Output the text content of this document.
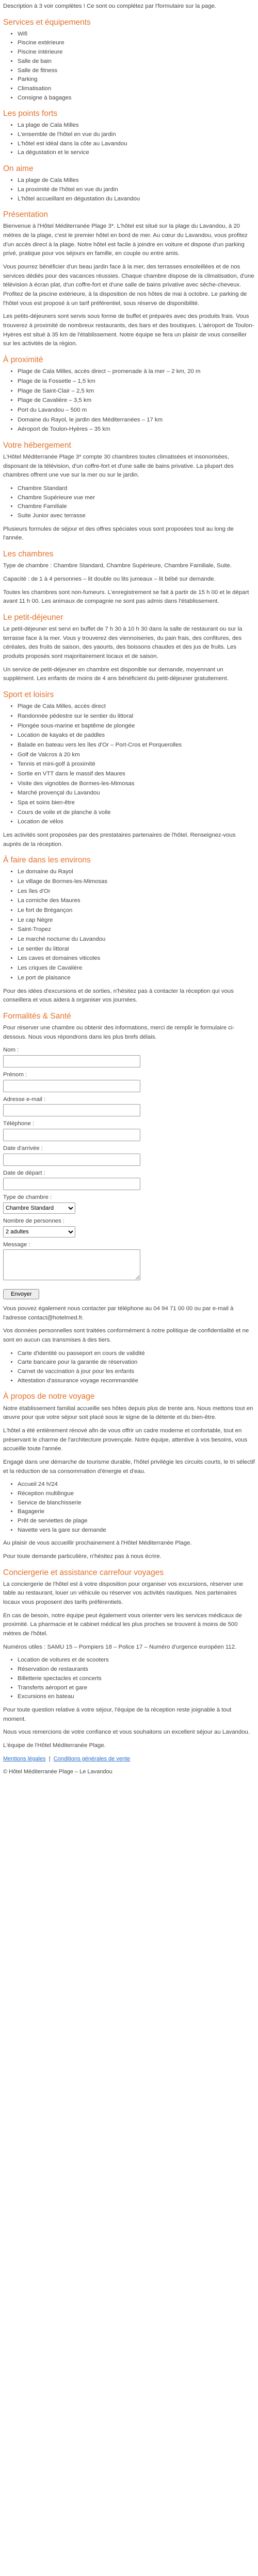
Description à 3 voir complètes ! Ce sont ou complétez par l'formulaire sur la page.

Services et équipements
• Wifi
• Piscine extérieure
• Piscine intérieure
• Salle de bain
• Salle de fitness
• Parking
• Climatisation
• Consigne à bagages
Les points forts
• La plage de Cala Milles
• L'ensemble de l'hôtel en vue du jardin
• L'hôtel est idéal dans la côte au Lavandou
• La dégustation et le service
On aime
• La plage de Cala Milles
• La proximité de l'hôtel en vue du jardin
• L'hôtel accueillant en dégustation du Lavandou
Présentation

Bienvenue à l'Hôtel Méditerranée Plage 3*. L'hôtel est situé sur la plage du Lavandou, à 20 mètres de la plage, c'est le premier hôtel en bord de mer. Au cœur du Lavandou, vous profitez d'un accès direct à la plage. Notre hôtel est facile à joindre en voiture et dispose d'un parking privé, pratique pour vos séjours en famille, en couple ou entre amis.

Vous pourrez bénéficier d'un beau jardin face à la mer, des terrasses ensoleillées et de nos services dédiés pour des vacances réussies. Chaque chambre dispose de la climatisation, d'une télévision à écran plat, d'un coffre-fort et d'une salle de bains privative avec sèche-cheveux. Profitez de la piscine extérieure, à la disposition de nos hôtes de mai à octobre. Le parking de l'hôtel vous est proposé à un tarif préférentiel, sous réserve de disponibilité.

Les petits-déjeuners sont servis sous forme de buffet et préparés avec des produits frais. Vous trouverez à proximité de nombreux restaurants, des bars et des boutiques. L'aéroport de Toulon-Hyères est situé à 35 km de l'établissement. Notre équipe se fera un plaisir de vous conseiller sur les activités de la région.

À proximité
• Plage de Cala Milles, accès direct – promenade à la mer – 2 km, 20 m
• Plage de la Fossette – 1,5 km
• Plage de Saint-Clair – 2,5 km
• Plage de Cavalière – 3,5 km
• Port du Lavandou – 500 m
• Domaine du Rayol, le jardin des Méditerranées – 17 km
• Aéroport de Toulon-Hyères – 35 km
Votre hébergement

L'Hôtel Méditerranée Plage 3* compte 30 chambres toutes climatisées et insonorisées, disposant de la télévision, d'un coffre-fort et d'une salle de bains privative. La plupart des chambres offrent une vue sur la mer ou sur le jardin.

• Chambre Standard
• Chambre Supérieure vue mer
• Chambre Familiale
• Suite Junior avec terrasse

Plusieurs formules de séjour et des offres spéciales vous sont proposées tout au long de l'année.

Les chambres

Type de chambre : Chambre Standard, Chambre Supérieure, Chambre Familiale, Suite.

Capacité : de 1 à 4 personnes – lit double ou lits jumeaux – lit bébé sur demande.

Toutes les chambres sont non-fumeurs. L'enregistrement se fait à partir de 15 h 00 et le départ avant 11 h 00. Les animaux de compagnie ne sont pas admis dans l'établissement.

Le petit-déjeuner

Le petit-déjeuner est servi en buffet de 7 h 30 à 10 h 30 dans la salle de restaurant ou sur la terrasse face à la mer. Vous y trouverez des viennoiseries, du pain frais, des confitures, des céréales, des fruits de saison, des yaourts, des boissons chaudes et des jus de fruits. Les produits proposés sont majoritairement locaux et de saison.

Un service de petit-déjeuner en chambre est disponible sur demande, moyennant un supplément. Les enfants de moins de 4 ans bénéficient du petit-déjeuner gratuitement.

Sport et loisirs
• Plage de Cala Milles, accès direct
• Randonnée pédestre sur le sentier du littoral
• Plongée sous-marine et baptême de plongée
• Location de kayaks et de paddles
• Balade en bateau vers les îles d'Or – Port-Cros et Porquerolles
• Golf de Valcros à 20 km
• Tennis et mini-golf à proximité
• Sortie en VTT dans le massif des Maures
• Visite des vignobles de Bormes-les-Mimosas
• Marché provençal du Lavandou
• Spa et soins bien-être
• Cours de voile et de planche à voile
• Location de vélos

Les activités sont proposées par des prestataires partenaires de l'hôtel. Renseignez-vous auprès de la réception.

À faire dans les environs
• Le domaine du Rayol
• Le village de Bormes-les-Mimosas
• Les îles d'Or
• La corniche des Maures
• Le fort de Brégançon
• Le cap Nègre
• Saint-Tropez
• Le marché nocturne du Lavandou
• Le sentier du littoral
• Les caves et domaines viticoles
• Les criques de Cavalière
• Le port de plaisance

Pour des idées d'excursions et de sorties, n'hésitez pas à contacter la réception qui vous conseillera et vous aidera à organiser vos journées.

Formalités & Santé

Pour réserver une chambre ou obtenir des informations, merci de remplir le formulaire ci-dessous. Nous vous répondrons dans les plus brefs délais.

Nom :
Prénom :
Adresse e-mail :
Téléphone :
Date d'arrivée :
Date de départ :
Type de chambre :
Chambre Standard

Nombre de personnes :
2 adultes

Message :

Envoyer

Vous pouvez également nous contacter par téléphone au 04 94 71 00 00 ou par e-mail à l'adresse contact@hotelmed.fr.

Vos données personnelles sont traitées conformément à notre politique de confidentialité et ne sont en aucun cas transmises à des tiers.

• Carte d'identité ou passeport en cours de validité
• Carte bancaire pour la garantie de réservation
• Carnet de vaccination à jour pour les enfants
• Attestation d'assurance voyage recommandée
À propos de notre voyage

Notre établissement familial accueille ses hôtes depuis plus de trente ans. Nous mettons tout en œuvre pour que votre séjour soit placé sous le signe de la détente et du bien-être.

L'hôtel a été entièrement rénové afin de vous offrir un cadre moderne et confortable, tout en préservant le charme de l'architecture provençale. Notre équipe, attentive à vos besoins, vous accueille toute l'année.

Engagé dans une démarche de tourisme durable, l'hôtel privilégie les circuits courts, le tri sélectif et la réduction de sa consommation d'énergie et d'eau.

• Accueil 24 h/24
• Réception multilingue
• Service de blanchisserie
• Bagagerie
• Prêt de serviettes de plage
• Navette vers la gare sur demande

Au plaisir de vous accueillir prochainement à l'Hôtel Méditerranée Plage.

Pour toute demande particulière, n'hésitez pas à nous écrire.

Conciergerie et assistance carrefour voyages

La conciergerie de l'hôtel est à votre disposition pour organiser vos excursions, réserver une table au restaurant, louer un véhicule ou réserver vos activités nautiques. Nos partenaires locaux vous proposent des tarifs préférentiels.

En cas de besoin, notre équipe peut également vous orienter vers les services médicaux de proximité. La pharmacie et le cabinet médical les plus proches se trouvent à moins de 500 mètres de l'hôtel.

Numéros utiles : SAMU 15 – Pompiers 18 – Police 17 – Numéro d'urgence européen 112.

• Location de voitures et de scooters
• Réservation de restaurants
• Billetterie spectacles et concerts
• Transferts aéroport et gare
• Excursions en bateau

Pour toute question relative à votre séjour, l'équipe de la réception reste joignable à tout moment.

Nous vous remercions de votre confiance et vous souhaitons un excellent séjour au Lavandou.

L'équipe de l'Hôtel Méditerranée Plage.

Mentions légales  |  Conditions générales de vente

© Hôtel Méditerranée Plage – Le Lavandou
